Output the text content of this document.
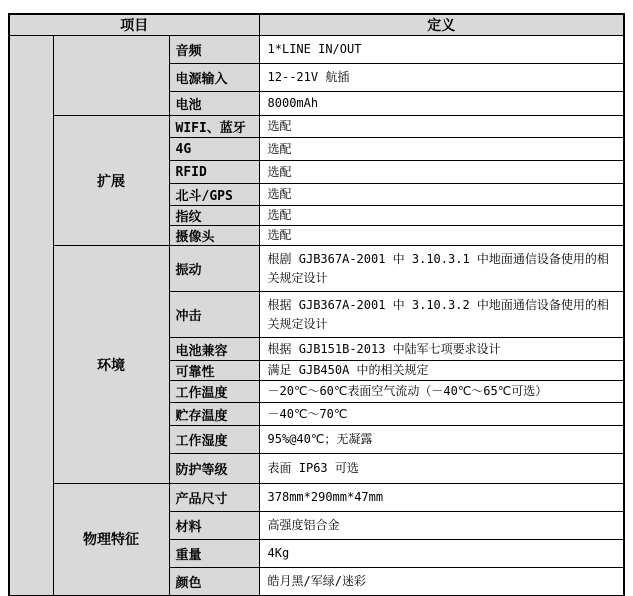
项目			定义
		音频	1*LINE IN/OUT
		电源输入	12--21V 航插
		电池	8000mAh
	扩展	WIFI、蓝牙	选配
		4G	选配
		RFID	选配
		北斗/GPS	选配
		指纹	选配
		摄像头	选配
	环境	振动	根剧 GJB367A-2001 中 3.10.3.1 中地面通信设备使用的相关规定设计
		冲击	根据 GJB367A-2001 中 3.10.3.2 中地面通信设备使用的相关规定设计
		电池兼容	根据 GJB151B-2013 中陆军七项要求设计
		可靠性	满足 GJB450A 中的相关规定
		工作温度	－20℃～60℃表面空气流动（－40℃～65℃可选）
		贮存温度	－40℃～70℃
		工作湿度	95%@40℃；无凝露
		防护等级	表面 IP63 可选
	物理特征	产品尺寸	378mm*290mm*47mm
		材料	高强度铝合金
		重量	4Kg
		颜色	皓月黑/军绿/迷彩
